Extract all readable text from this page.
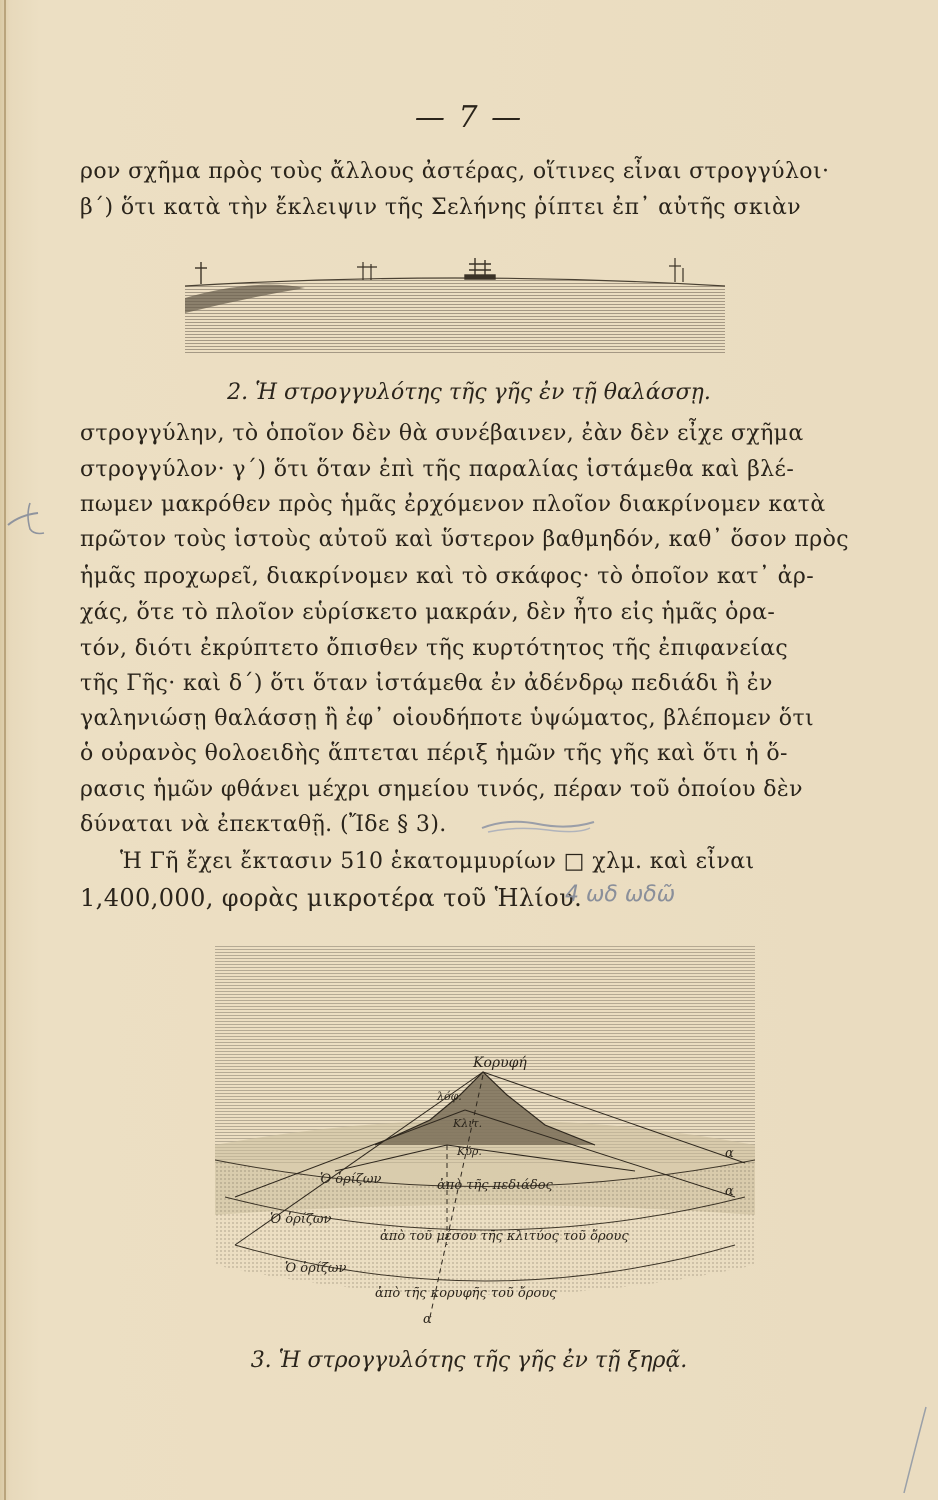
— 7 —
ρον σχῆμα πρὸς τοὺς ἄλλους ἀστέρας, οἵτινες εἶναι στρογγύλοι·
β΄) ὅτι κατὰ τὴν ἔκλειψιν τῆς Σελήνης ῥίπτει ἐπ᾽ αὐτῆς σκιὰν
2. Ἡ στρογγυλότης τῆς γῆς ἐν τῇ θαλάσσῃ.
στρογγύλην, τὸ ὁποῖον δὲν θὰ συνέβαινεν, ἐὰν δὲν εἶχε σχῆμα
στρογγύλον· γ΄) ὅτι ὅταν ἐπὶ τῆς παραλίας ἱστάμεθα καὶ βλέ-
πωμεν μακρόθεν πρὸς ἡμᾶς ἐρχόμενον πλοῖον διακρίνομεν κατὰ
πρῶτον τοὺς ἱστοὺς αὐτοῦ καὶ ὕστερον βαθμηδόν, καθ᾽ ὅσον πρὸς
ἡμᾶς προχωρεῖ, διακρίνομεν καὶ τὸ σκάφος· τὸ ὁποῖον κατ᾽ ἀρ-
χάς, ὅτε τὸ πλοῖον εὑρίσκετο μακράν, δὲν ἦτο εἰς ἡμᾶς ὁρα-
τόν, διότι ἐκρύπτετο ὄπισθεν τῆς κυρτότητος τῆς ἐπιφανείας
τῆς Γῆς· καὶ δ΄) ὅτι ὅταν ἱστάμεθα ἐν ἀδένδρῳ πεδιάδι ἢ ἐν
γαληνιώσῃ θαλάσσῃ ἢ ἐφ᾽ οἱουδήποτε ὑψώματος, βλέπομεν ὅτι
ὁ οὐρανὸς θολοειδὴς ἅπτεται πέριξ ἡμῶν τῆς γῆς καὶ ὅτι ἡ ὅ-
ρασις ἡμῶν φθάνει μέχρι σημείου τινός, πέραν τοῦ ὁποίου δὲν
δύναται νὰ ἐπεκταθῇ. (Ἴδε § 3).
Ἡ Γῆ ἔχει ἔκτασιν 510 ἑκατομμυρίων □ χλμ. καὶ εἶναι
1,400,000, φορὰς μικροτέρα τοῦ Ἡλίου.
4 ωδ ωδῶ
Κορυφή
λόφ.
Κλιτ.
Κύρ.
Ὁ ὁρίζων	ἀπὸ τῆς πεδιάδος
Ὁ ὁρίζων
ἀπὸ τοῦ μέσου τῆς κλιτύος τοῦ ὄρους
Ὁ ὁρίζων
ἀπὸ τῆς κορυφῆς τοῦ ὄρους
α
α
α
3. Ἡ στρογγυλότης τῆς γῆς ἐν τῇ ξηρᾷ.
